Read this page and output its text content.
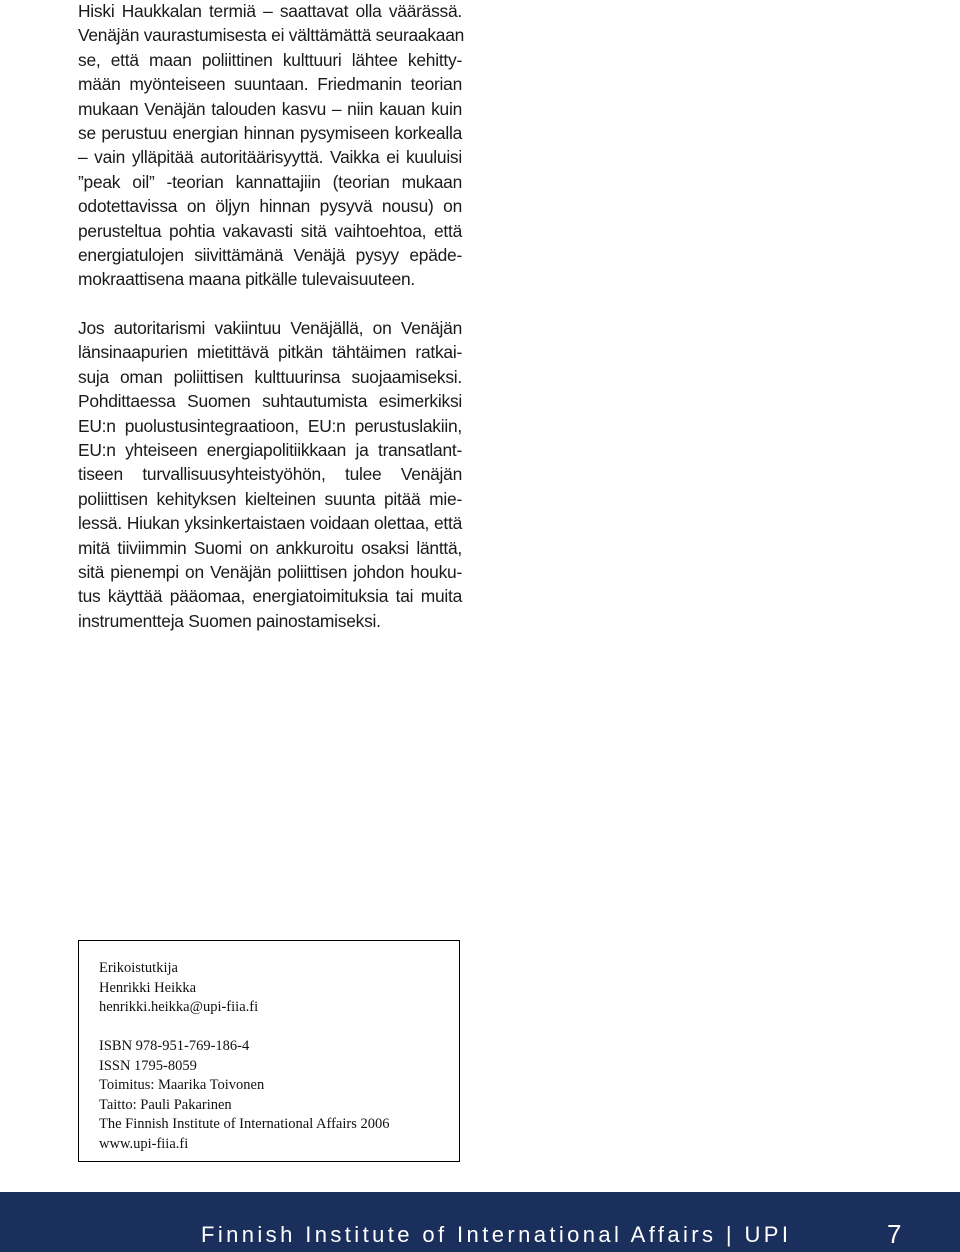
Hiski Haukkalan termiä – saattavat olla väärässä.
Venäjän vaurastumisesta ei välttämättä seuraakaan
se, että maan poliittinen kulttuuri lähtee kehitty-
mään myönteiseen suuntaan. Friedmanin teorian
mukaan Venäjän talouden kasvu – niin kauan kuin
se perustuu energian hinnan pysymiseen korkealla
– vain ylläpitää autoritäärisyyttä. Vaikka ei kuuluisi
”peak oil” -teorian kannattajiin (teorian mukaan
odotettavissa on öljyn hinnan pysyvä nousu) on
perusteltua pohtia vakavasti sitä vaihtoehtoa, että
energiatulojen siivittämänä Venäjä pysyy epäde-
mokraattisena maana pitkälle tulevaisuuteen.

Jos autoritarismi vakiintuu Venäjällä, on Venäjän
länsinaapurien mietittävä pitkän tähtäimen ratkai-
suja oman poliittisen kulttuurinsa suojaamiseksi.
Pohdittaessa Suomen suhtautumista esimerkiksi
EU:n puolustusintegraatioon, EU:n perustuslakiin,
EU:n yhteiseen energiapolitiikkaan ja transatlant-
tiseen turvallisuusyhteistyöhön, tulee Venäjän
poliittisen kehityksen kielteinen suunta pitää mie-
lessä. Hiukan yksinkertaistaen voidaan olettaa, että
mitä tiiviimmin Suomi on ankkuroitu osaksi länttä,
sitä pienempi on Venäjän poliittisen johdon houku-
tus käyttää pääomaa, energiatoimituksia tai muita
instrumentteja Suomen painostamiseksi.

Erikoistutkija
Henrikki Heikka
henrikki.heikka@upi-fiia.fi
ISBN 978-951-769-186-4
ISSN 1795-8059
Toimitus: Maarika Toivonen
Taitto: Pauli Pakarinen
The Finnish Institute of International Affairs 2006
www.upi-fiia.fi
Finnish Institute of International Affairs | UPI	7
